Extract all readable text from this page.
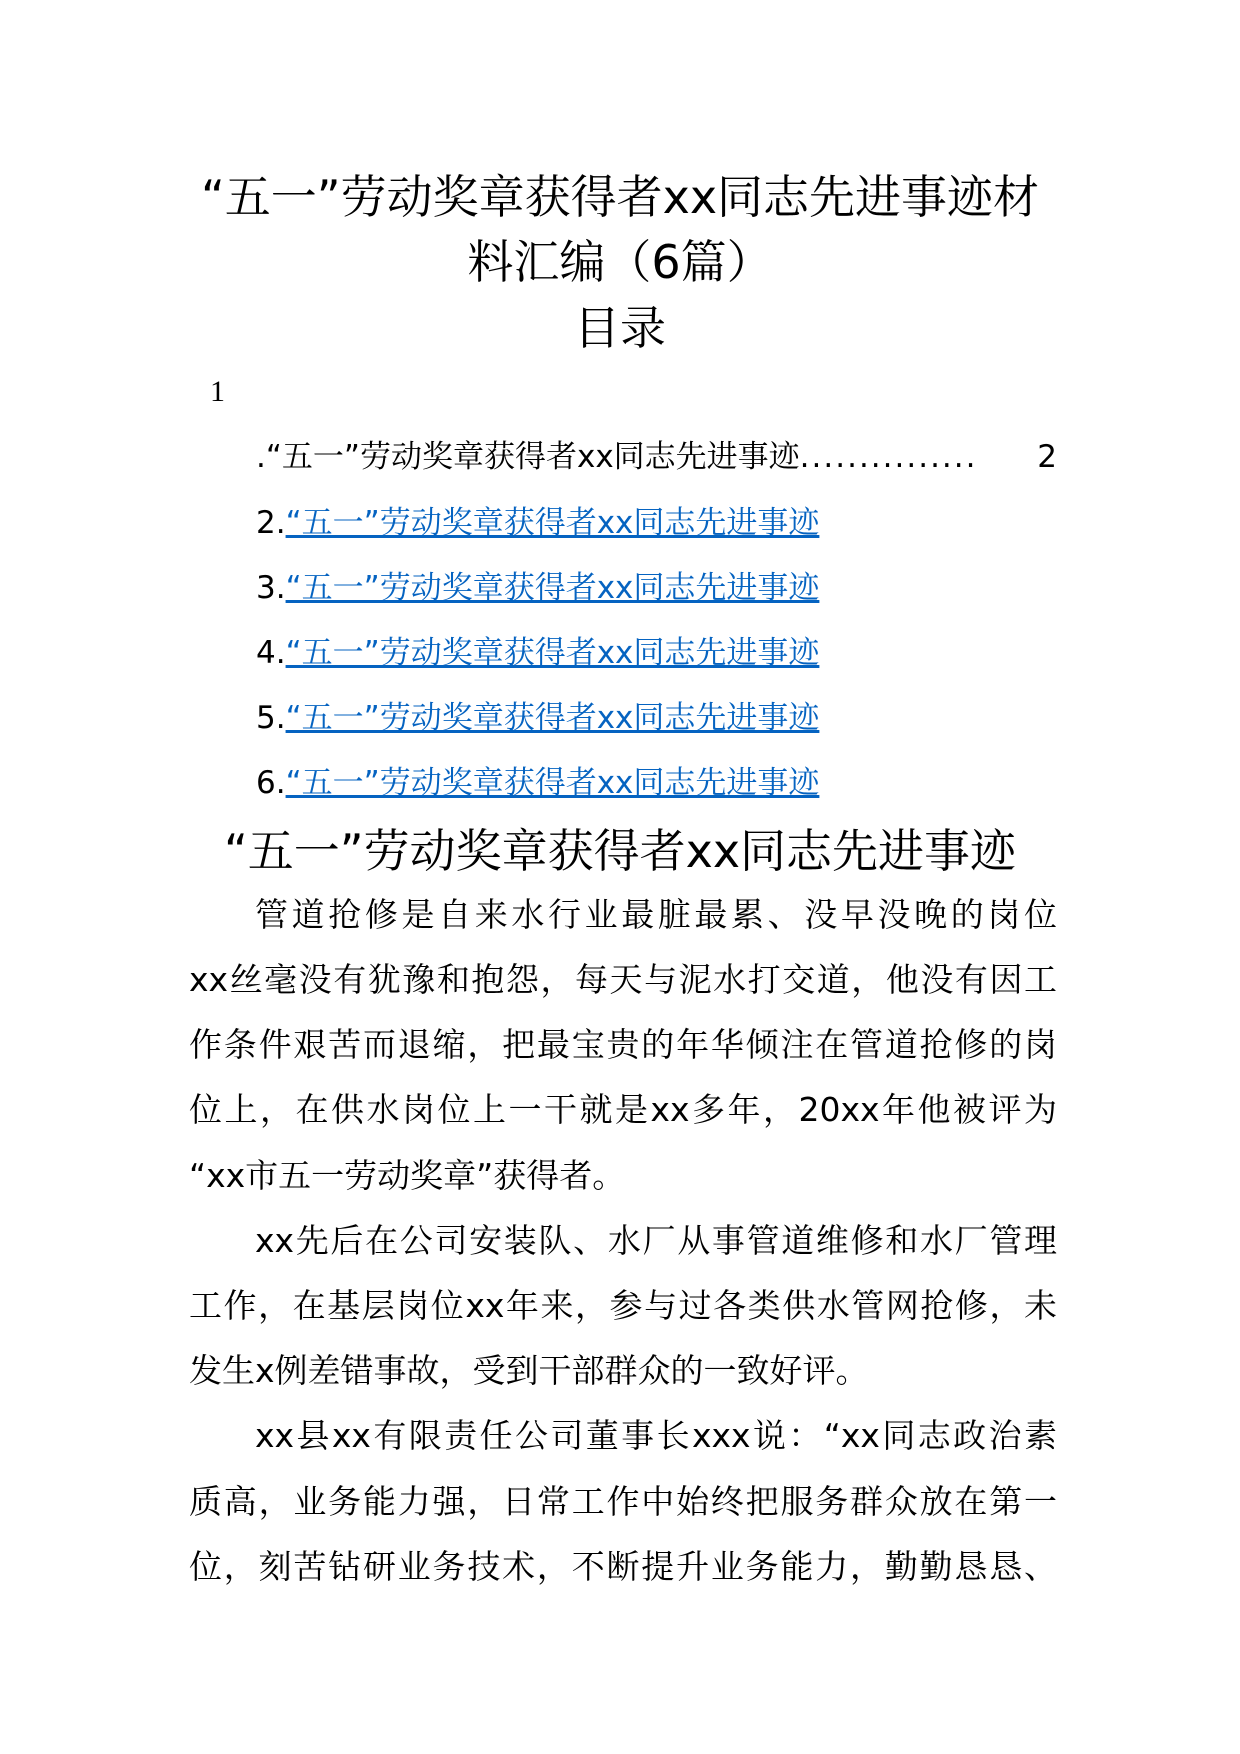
“五一”劳动奖章获得者xx同志先进事迹材
料汇编（6篇）
目录
1
. “五一”劳动奖章获得者xx同志先进事迹 ...............	2
2.“五一”劳动奖章获得者xx同志先进事迹
3.“五一”劳动奖章获得者xx同志先进事迹
4.“五一”劳动奖章获得者xx同志先进事迹
5.“五一”劳动奖章获得者xx同志先进事迹
6.“五一”劳动奖章获得者xx同志先进事迹
“五一”劳动奖章获得者xx同志先进事迹
管道抢修是自来水行业最脏最累、没早没晚的岗位
xx丝毫没有犹豫和抱怨，每天与泥水打交道，他没有因工
作条件艰苦而退缩，把最宝贵的年华倾注在管道抢修的岗
位上，在供水岗位上一干就是xx多年，20xx年他被评为
“xx市五一劳动奖章”获得者。
xx先后在公司安装队、水厂从事管道维修和水厂管理
工作，在基层岗位xx年来，参与过各类供水管网抢修，未
发生x例差错事故，受到干部群众的一致好评。
xx县xx有限责任公司董事长xxx说：“xx同志政治素
质高，业务能力强，日常工作中始终把服务群众放在第一
位，刻苦钻研业务技术，不断提升业务能力，勤勤恳恳、
